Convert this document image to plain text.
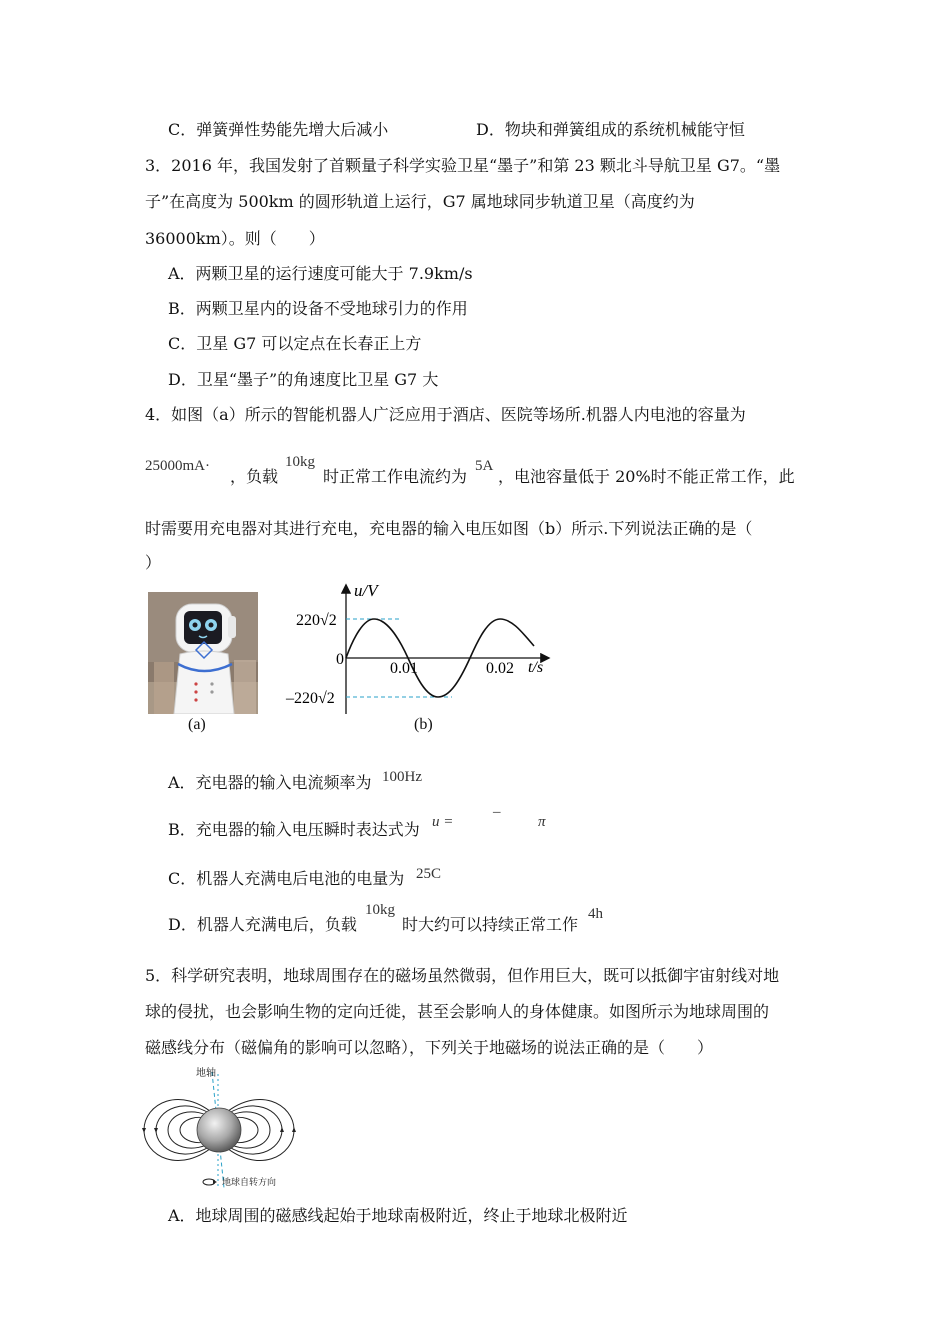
C．弹簧弹性势能先增大后减小	D．物块和弹簧组成的系统机械能守恒
3．2016 年，我国发射了首颗量子科学实验卫星“墨子”和第 23 颗北斗导航卫星 G7。“墨
子”在高度为 500km 的圆形轨道上运行，G7 属地球同步轨道卫星（高度约为
36000km）。则（　　）
A．两颗卫星的运行速度可能大于 7.9km/s
B．两颗卫星内的设备不受地球引力的作用
C．卫星 G7 可以定点在长春正上方
D．卫星“墨子”的角速度比卫星 G7 大
4．如图（a）所示的智能机器人广泛应用于酒店、医院等场所.机器人内电池的容量为
25000mA·
，负载
10kg
时正常工作电流约为
5A
，电池容量低于 20%时不能正常工作，此
时需要用充电器对其进行充电，充电器的输入电压如图（b）所示.下列说法正确的是（
）
(a)
u/V
t/s
220√2
–220√2
0
0.01	0.02
(b)
A．充电器的输入电流频率为 100Hz
B．充电器的输入电压瞬时表达式为 u =
–
π
C．机器人充满电后电池的电量为 25C
D．机器人充满电后，负载
10kg
时大约可以持续正常工作
4h
5．科学研究表明，地球周围存在的磁场虽然微弱，但作用巨大，既可以抵御宇宙射线对地
球的侵扰，也会影响生物的定向迁徙，甚至会影响人的身体健康。如图所示为地球周围的
磁感线分布（磁偏角的影响可以忽略），下列关于地磁场的说法正确的是（　　）
地轴
地球自转方向
A．地球周围的磁感线起始于地球南极附近，终止于地球北极附近
